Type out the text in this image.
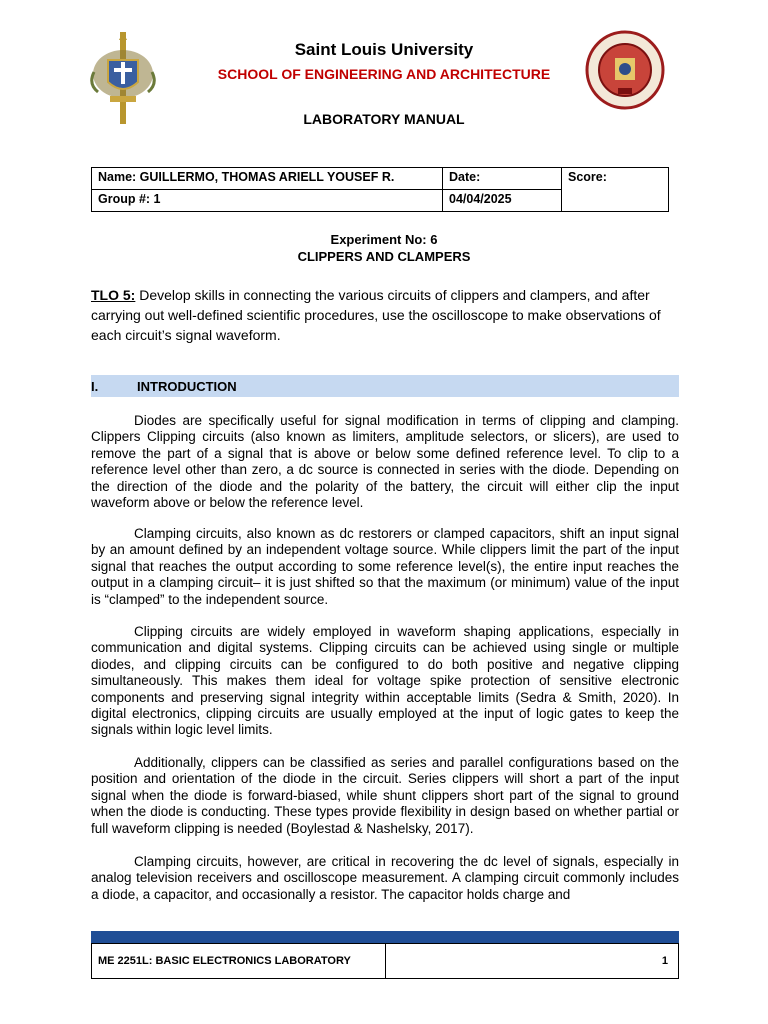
Saint Louis University
SCHOOL OF ENGINEERING AND ARCHITECTURE
LABORATORY MANUAL
Name: GUILLERMO, THOMAS ARIELL YOUSEF R.	Date:	Score:
Group #: 1	04/04/2025	
Experiment No: 6
CLIPPERS AND CLAMPERS
TLO 5: Develop skills in connecting the various circuits of clippers and clampers, and after carrying out well-defined scientific procedures, use the oscilloscope to make observations of each circuit’s signal waveform.
I.	INTRODUCTION

Diodes are specifically useful for signal modification in terms of clipping and clamping. Clippers Clipping circuits (also known as limiters, amplitude selectors, or slicers), are used to remove the part of a signal that is above or below some defined reference level. To clip to a reference level other than zero, a dc source is connected in series with the diode. Depending on the direction of the diode and the polarity of the battery, the circuit will either clip the input waveform above or below the reference level.

Clamping circuits, also known as dc restorers or clamped capacitors, shift an input signal by an amount defined by an independent voltage source. While clippers limit the part of the input signal that reaches the output according to some reference level(s), the entire input reaches the output in a clamping circuit– it is just shifted so that the maximum (or minimum) value of the input is “clamped” to the independent source.

Clipping circuits are widely employed in waveform shaping applications, especially in communication and digital systems. Clipping circuits can be achieved using single or multiple diodes, and clipping circuits can be configured to do both positive and negative clipping simultaneously. This makes them ideal for voltage spike protection of sensitive electronic components and preserving signal integrity within acceptable limits (Sedra & Smith, 2020). In digital electronics, clipping circuits are usually employed at the input of logic gates to keep the signals within logic level limits.

Additionally, clippers can be classified as series and parallel configurations based on the position and orientation of the diode in the circuit. Series clippers will short a part of the input signal when the diode is forward-biased, while shunt clippers short part of the signal to ground when the diode is conducting. These types provide flexibility in design based on whether partial or full waveform clipping is needed (Boylestad & Nashelsky, 2017).

Clamping circuits, however, are critical in recovering the dc level of signals, especially in analog television receivers and oscilloscope measurement. A clamping circuit commonly includes a diode, a capacitor, and occasionally a resistor. The capacitor holds charge and

ME 2251L: BASIC ELECTRONICS LABORATORY	1
